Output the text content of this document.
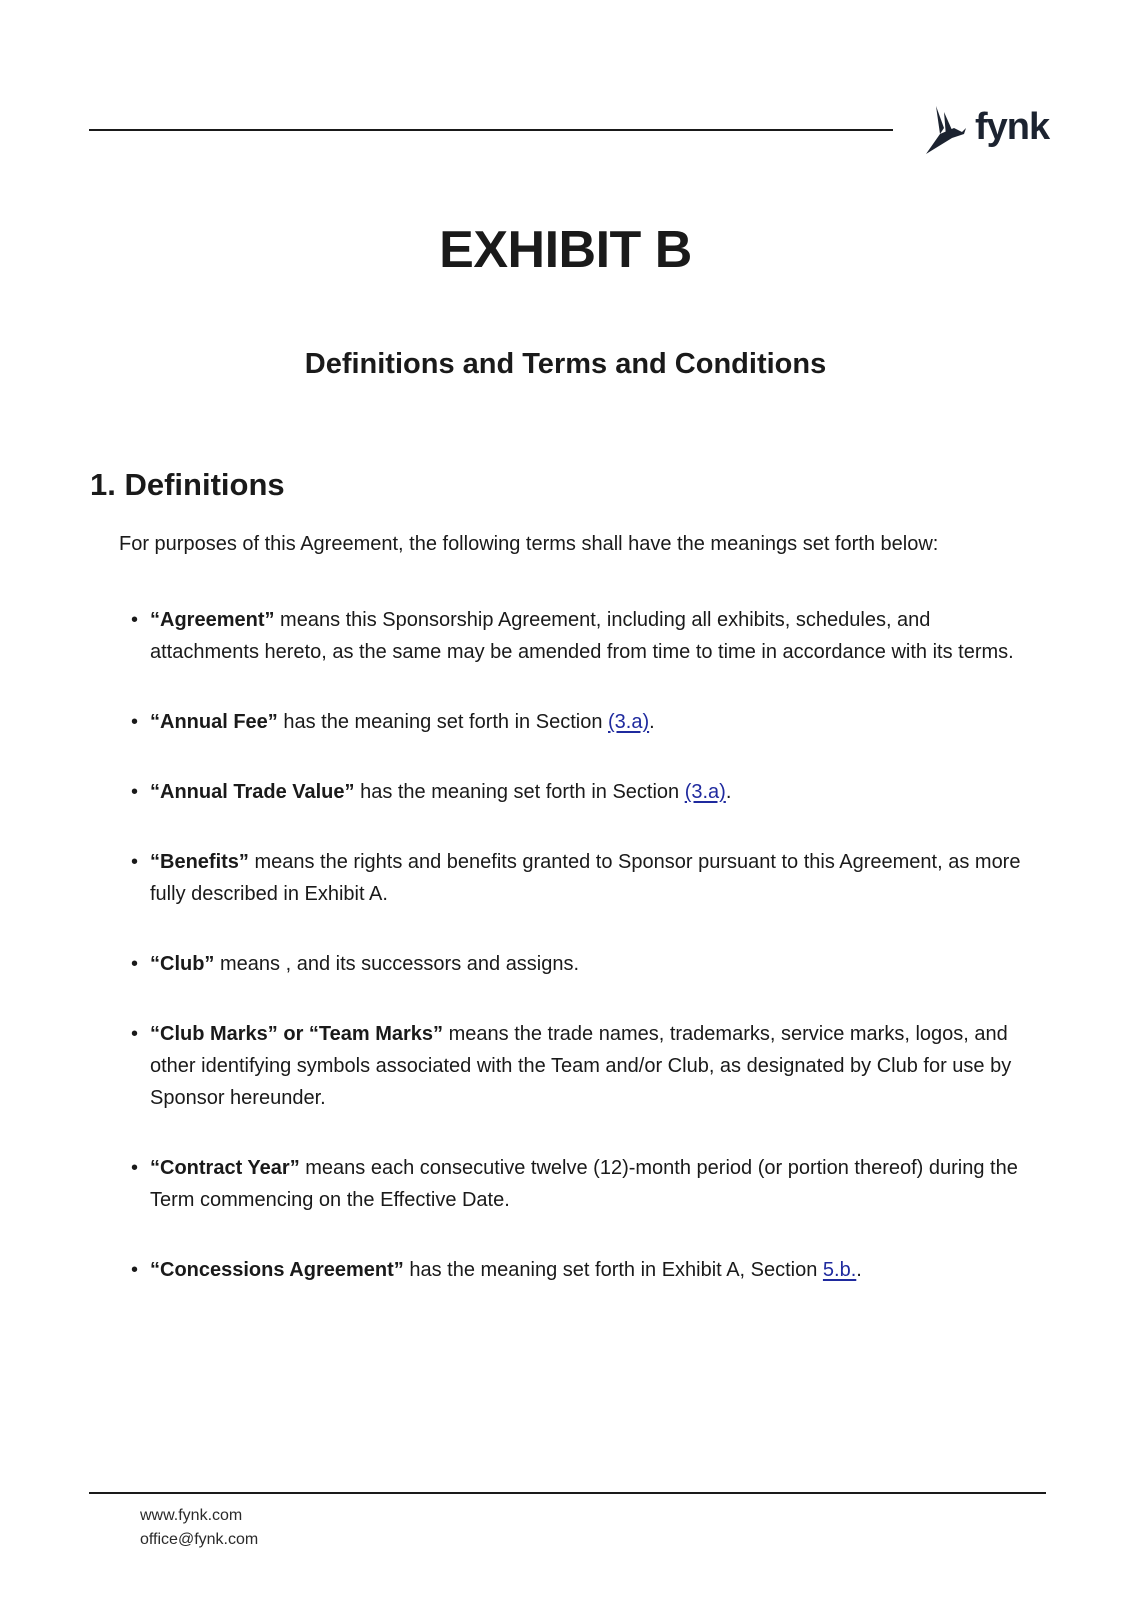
fynk
EXHIBIT B
Definitions and Terms and Conditions
1. Definitions

For purposes of this Agreement, the following terms shall have the meanings set forth below:

• “Agreement” means this Sponsorship Agreement, including all exhibits, schedules, and attachments hereto, as the same may be amended from time to time in accordance with its terms.
• “Annual Fee” has the meaning set forth in Section (3.a).
• “Annual Trade Value” has the meaning set forth in Section (3.a).
• “Benefits” means the rights and benefits granted to Sponsor pursuant to this Agreement, as more fully described in Exhibit A.
• “Club” means , and its successors and assigns.
• “Club Marks” or “Team Marks” means the trade names, trademarks, service marks, logos, and other identifying symbols associated with the Team and/or Club, as designated by Club for use by Sponsor hereunder.
• “Contract Year” means each consecutive twelve (12)-month period (or portion thereof) during the Term commencing on the Effective Date.
• “Concessions Agreement” has the meaning set forth in Exhibit A, Section 5.b..
www.fynk.com
office@fynk.com
